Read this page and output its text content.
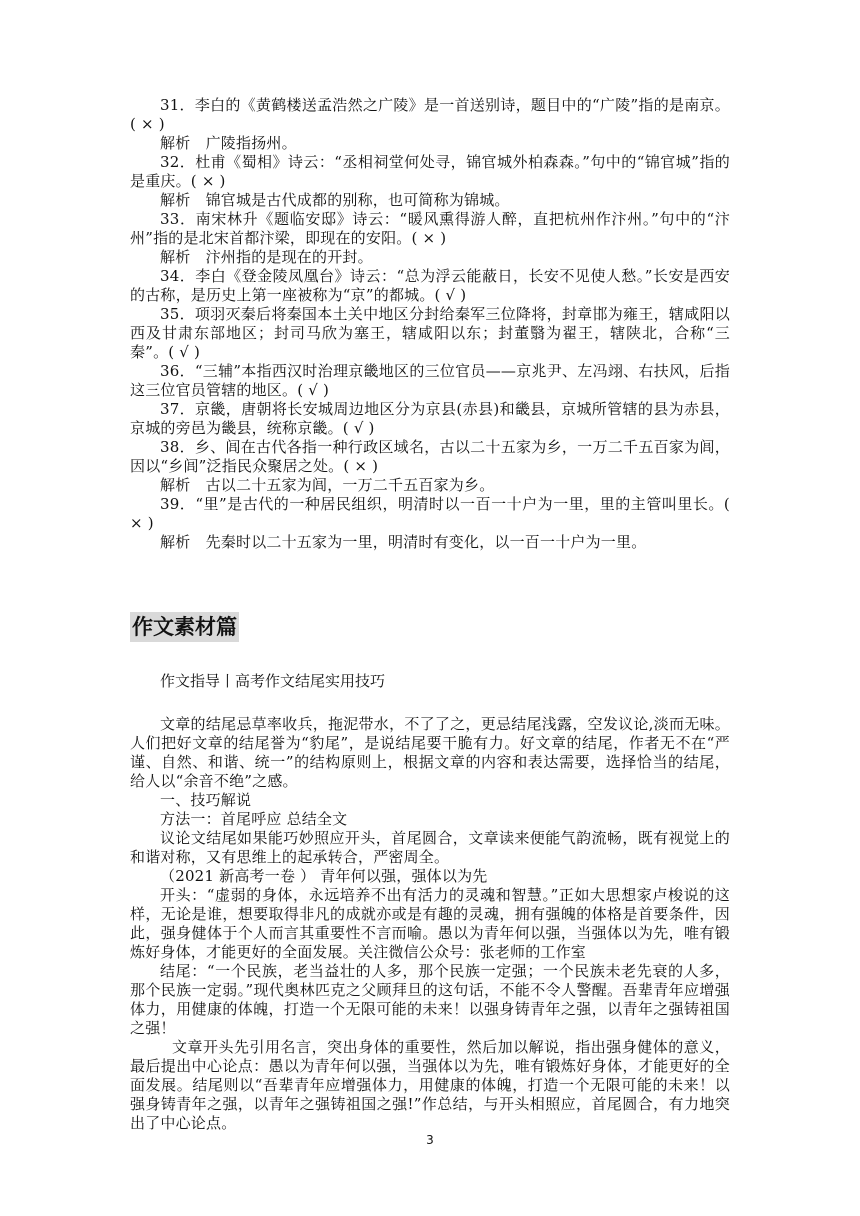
31．李白的《黄鹤楼送孟浩然之广陵》是一首送别诗，题目中的“广陵”指的是南京。( × )

解析　广陵指扬州。

32．杜甫《蜀相》诗云：“丞相祠堂何处寻，锦官城外柏森森。”句中的“锦官城”指的是重庆。( × )

解析　锦官城是古代成都的别称，也可简称为锦城。

33．南宋林升《题临安邸》诗云：“暖风熏得游人醉，直把杭州作汴州。”句中的“汴州”指的是北宋首都汴梁，即现在的安阳。( × )

解析　汴州指的是现在的开封。

34．李白《登金陵凤凰台》诗云：“总为浮云能蔽日，长安不见使人愁。”长安是西安的古称，是历史上第一座被称为“京”的都城。( √ )

35．项羽灭秦后将秦国本土关中地区分封给秦军三位降将，封章邯为雍王，辖咸阳以西及甘肃东部地区；封司马欣为塞王，辖咸阳以东；封董翳为翟王，辖陕北，合称“三秦”。( √ )

36．“三辅”本指西汉时治理京畿地区的三位官员——京兆尹、左冯翊、右扶风，后指这三位官员管辖的地区。( √ )

37．京畿，唐朝将长安城周边地区分为京县(赤县)和畿县，京城所管辖的县为赤县，京城的旁邑为畿县，统称京畿。( √ )

38．乡、闾在古代各指一种行政区域名，古以二十五家为乡，一万二千五百家为闾，因以“乡闾”泛指民众聚居之处。( × )

解析　古以二十五家为闾，一万二千五百家为乡。

39．“里”是古代的一种居民组织，明清时以一百一十户为一里，里的主管叫里长。( × )

解析　先秦时以二十五家为一里，明清时有变化，以一百一十户为一里。

作文素材篇

作文指导丨高考作文结尾实用技巧

文章的结尾忌草率收兵，拖泥带水，不了了之，更忌结尾浅露，空发议论,淡而无味。人们把好文章的结尾誉为“豹尾”，是说结尾要干脆有力。好文章的结尾，作者无不在“严谨、自然、和谐、统一”的结构原则上，根据文章的内容和表达需要，选择恰当的结尾，给人以“余音不绝”之感。

一、技巧解说

方法一：首尾呼应 总结全文

议论文结尾如果能巧妙照应开头，首尾圆合，文章读来便能气韵流畅，既有视觉上的和谐对称，又有思维上的起承转合，严密周全。

（2021 新高考一卷 ） 青年何以强，强体以为先

开头：“虚弱的身体，永远培养不出有活力的灵魂和智慧。”正如大思想家卢梭说的这样，无论是谁，想要取得非凡的成就亦或是有趣的灵魂，拥有强魄的体格是首要条件，因此，强身健体于个人而言其重要性不言而喻。愚以为青年何以强，当强体以为先，唯有锻炼好身体，才能更好的全面发展。关注微信公众号：张老师的工作室

结尾：“一个民族，老当益壮的人多，那个民族一定强；一个民族未老先衰的人多，那个民族一定弱。”现代奥林匹克之父顾拜旦的这句话，不能不令人警醒。吾辈青年应增强体力，用健康的体魄，打造一个无限可能的未来！以强身铸青年之强，以青年之强铸祖国之强！

文章开头先引用名言，突出身体的重要性，然后加以解说，指出强身健体的意义，最后提出中心论点：愚以为青年何以强，当强体以为先，唯有锻炼好身体，才能更好的全面发展。结尾则以“吾辈青年应增强体力，用健康的体魄，打造一个无限可能的未来！以强身铸青年之强，以青年之强铸祖国之强!”作总结，与开头相照应，首尾圆合，有力地突出了中心论点。

3
